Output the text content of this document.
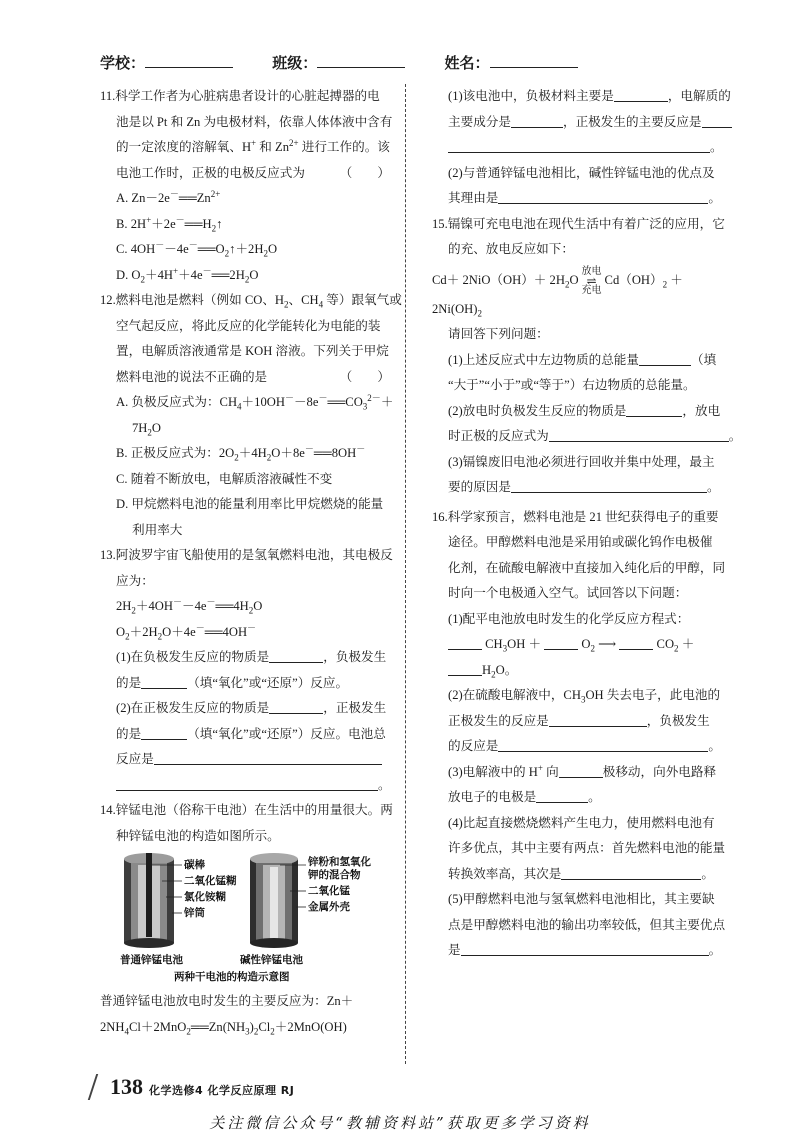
学校：	班级：	姓名：
11.科学工作者为心脏病患者设计的心脏起搏器的电
池是以 Pt 和 Zn 为电极材料，依靠人体体液中含有
的一定浓度的溶解氧、H+ 和 $Zn^{2+}$ 进行工作的。该
电池工作时，正极的电极反应式为	（　　）
A. $Zn-2e^-══Zn^{2+}$
B. $2H^++2e^-══H_2↑$
C. $4OH^--4e^-══O_2↑+2H_2O$
D. $O_2+4H^++4e^-══2H_2O$
12.燃料电池是燃料（例如 CO、$H_2$、$CH_4$ 等）跟氧气或
空气起反应，将此反应的化学能转化为电能的装
置，电解质溶液通常是 KOH 溶液。下列关于甲烷
燃料电池的说法不正确的是	（　　）
A. 负极反应式为：$CH_4+10OH^--8e^-══CO_3^{2-}+$
$7H_2O$
B. 正极反应式为：$2O_2+4H_2O+8e^-══8OH^-$
C. 随着不断放电，电解质溶液碱性不变
D. 甲烷燃料电池的能量利用率比甲烷燃烧的能量
利用率大
13.阿波罗宇宙飞船使用的是氢氧燃料电池，其电极反
应为：
$2H_2+4OH^--4e^-══4H_2O$
$O_2+2H_2O+4e^-══4OH^-$
(1)在负极发生反应的物质是	，负极发生
的是	（填“氧化”或“还原”）反应。
(2)在正极发生反应的物质是	，正极发生
的是	（填“氧化”或“还原”）反应。电池总
反应是
。
14.锌锰电池（俗称干电池）在生活中的用量很大。两
种锌锰电池的构造如图所示。
碳棒
二氧化锰糊
氯化铵糊
锌筒
锌粉和氢氧化
钾的混合物
二氧化锰
金属外壳
普通锌锰电池	碱性锌锰电池
两种干电池的构造示意图
普通锌锰电池放电时发生的主要反应为：Zn＋
$2NH_4Cl+2MnO_2══Zn(NH_3)_2Cl_2+2MnO(OH)$
(1)该电池中，负极材料主要是	，电解质的
主要成分是	，正极发生的主要反应是
。
(2)与普通锌锰电池相比，碱性锌锰电池的优点及
其理由是	。
15.镉镍可充电电池在现代生活中有着广泛的应用，它
的充、放电反应如下：
$Cd+ 2NiO(OH)+ 2H_2O$放电
⇌
充电$Cd(OH)_2$ ＋
$2Ni(OH)_2$
请回答下列问题：
(1)上述反应式中左边物质的总能量	（填
“大于”“小于”或“等于”）右边物质的总能量。
(2)放电时负极发生反应的物质是	，放电
时正极的反应式为	。
(3)镉镍废旧电池必须进行回收并集中处理，最主
要的原因是	。
16.科学家预言，燃料电池是 21 世纪获得电子的重要
途径。甲醇燃料电池是采用铂或碳化钨作电极催
化剂，在硫酸电解液中直接加入纯化后的甲醇，同
时向一个电极通入空气。试回答以下问题：
(1)配平电池放电时发生的化学反应方程式：
$CH_3OH$ ＋	$O_2$ ⟶	$CO_2$ ＋
$H_2O$。
(2)在硫酸电解液中，$CH_3OH$ 失去电子，此电池的
正极发生的反应是	，负极发生
的反应是	。
(3)电解液中的 H+ 向	极移动，向外电路释
放电子的电极是	。
(4)比起直接燃烧燃料产生电力，使用燃料电池有
许多优点，其中主要有两点：首先燃料电池的能量
转换效率高，其次是	。
(5)甲醇燃料电池与氢氧燃料电池相比，其主要缺
点是甲醇燃料电池的输出功率较低，但其主要优点
是	。
138 化学选修4 化学反应原理 RJ
关注微信公众号“教辅资料站”获取更多学习资料
